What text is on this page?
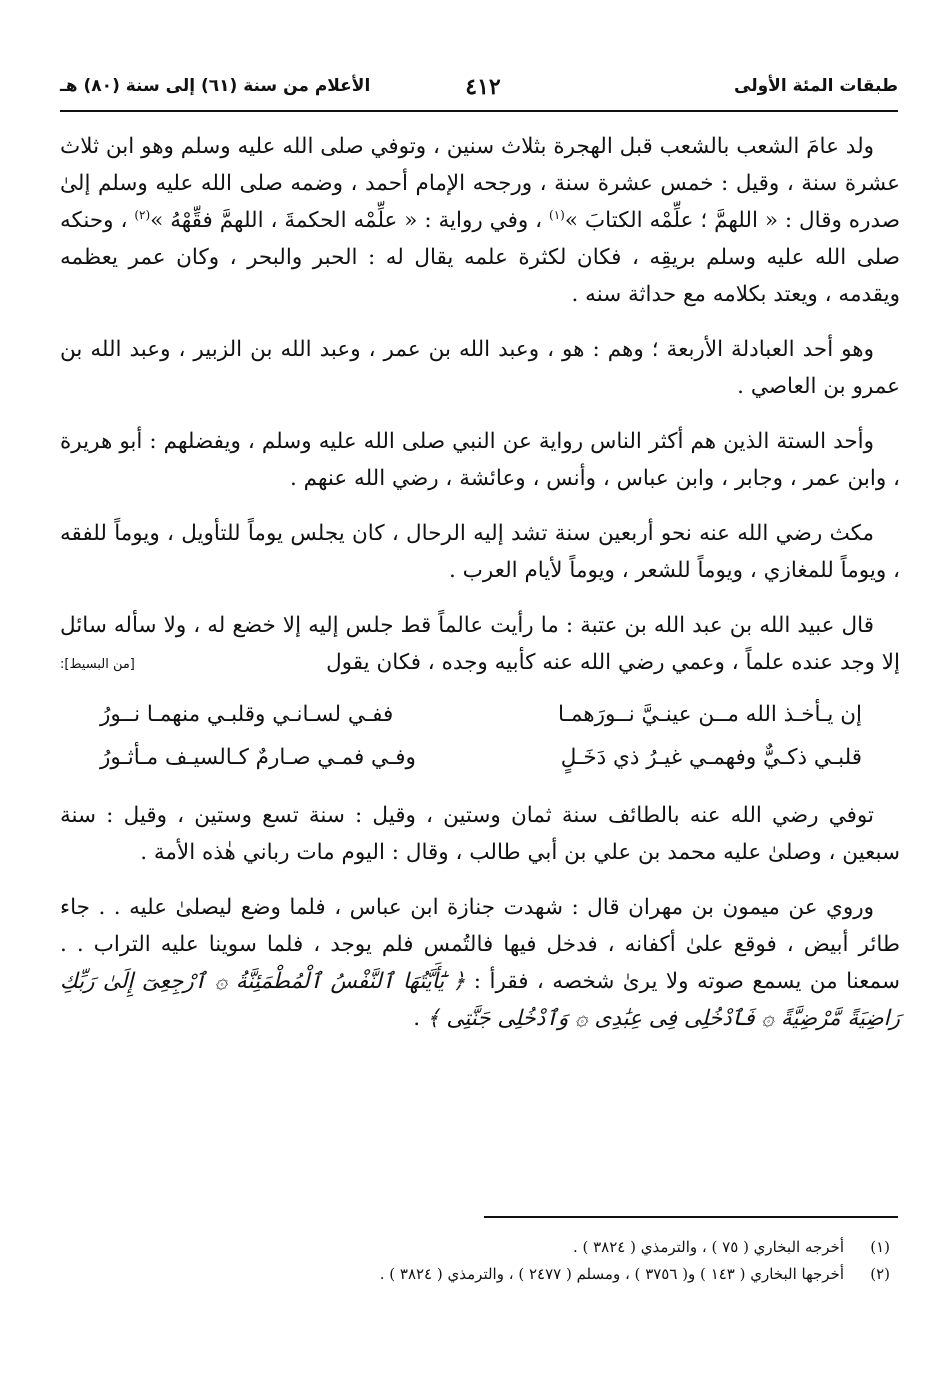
طبقات المئة الأولى
٤١٢
الأعلام من سنة (٦١) إلى سنة (٨٠) هـ

ولد عامَ الشعب بالشعب قبل الهجرة بثلاث سنين ، وتوفي صلى الله عليه وسلم وهو ابن ثلاث عشرة سنة ، وقيل : خمس عشرة سنة ، ورجحه الإمام أحمد ، وضمه صلى الله عليه وسلم إلىٰ صدره وقال : « اللهمَّ ؛ علِّمْه الكتابَ »$^{(١)}$ ، وفي رواية : « علِّمْه الحكمةَ ، اللهمَّ فقِّهْهُ »$^{(٢)}$ ، وحنكه صلى الله عليه وسلم بريقِه ، فكان لكثرة علمه يقال له : الحبر والبحر ، وكان عمر يعظمه ويقدمه ، ويعتد بكلامه مع حداثة سنه .

وهو أحد العبادلة الأربعة ؛ وهم : هو ، وعبد الله بن عمر ، وعبد الله بن الزبير ، وعبد الله بن عمرو بن العاصي .

وأحد الستة الذين هم أكثر الناس رواية عن النبي صلى الله عليه وسلم ، ويفضلهم : أبو هريرة ، وابن عمر ، وجابر ، وابن عباس ، وأنس ، وعائشة ، رضي الله عنهم .

مكث رضي الله عنه نحو أربعين سنة تشد إليه الرحال ، كان يجلس يوماً للتأويل ، ويوماً للفقه ، ويوماً للمغازي ، ويوماً للشعر ، ويوماً لأيام العرب .

قال عبيد الله بن عبد الله بن عتبة : ما رأيت عالماً قط جلس إليه إلا خضع له ، ولا سأله سائل إلا وجد عنده علماً ، وعمي رضي الله عنه كأبيه وجده ، فكان يقول
[من البسيط]:

إن يـأخـذ الله مــن عينـيَّ نــورَهمـا
ففـي لسـانـي وقلبـي منهمـا نــورُ
قلبـي ذكـيٌّ وفهمـي غيـرُ ذي دَخَـلٍ
وفـي فمـي صـارمٌ كـالسيـف مـأثـورُ

توفي رضي الله عنه بالطائف سنة ثمان وستين ، وقيل : سنة تسع وستين ، وقيل : سنة سبعين ، وصلىٰ عليه محمد بن علي بن أبي طالب ، وقال : اليوم مات رباني هٰذه الأمة .

وروي عن ميمون بن مهران قال : شهدت جنازة ابن عباس ، فلما وضع ليصلىٰ عليه . . جاء طائر أبيض ، فوقع علىٰ أكفانه ، فدخل فيها فالتُمس فلم يوجد ، فلما سوينا عليه التراب . . سمعنا من يسمع صوته ولا يرىٰ شخصه ، فقرأ : ﴿ يَٰٓأَيَّتُهَا ٱلنَّفْسُ ٱلْمُطْمَئِنَّةُ ۞ ٱرْجِعِىٓ إِلَىٰ رَبِّكِ رَاضِيَةً مَّرْضِيَّةً ۞ فَٱدْخُلِى فِى عِبَٰدِى ۞ وَٱدْخُلِى جَنَّتِى ﴾ .

(١)
أخرجه البخاري ( ٧٥ ) ، والترمذي ( ٣٨٢٤ ) .
(٢)
أخرجها البخاري ( ١٤٣ ) و( ٣٧٥٦ ) ، ومسلم ( ٢٤٧٧ ) ، والترمذي ( ٣٨٢٤ ) .
